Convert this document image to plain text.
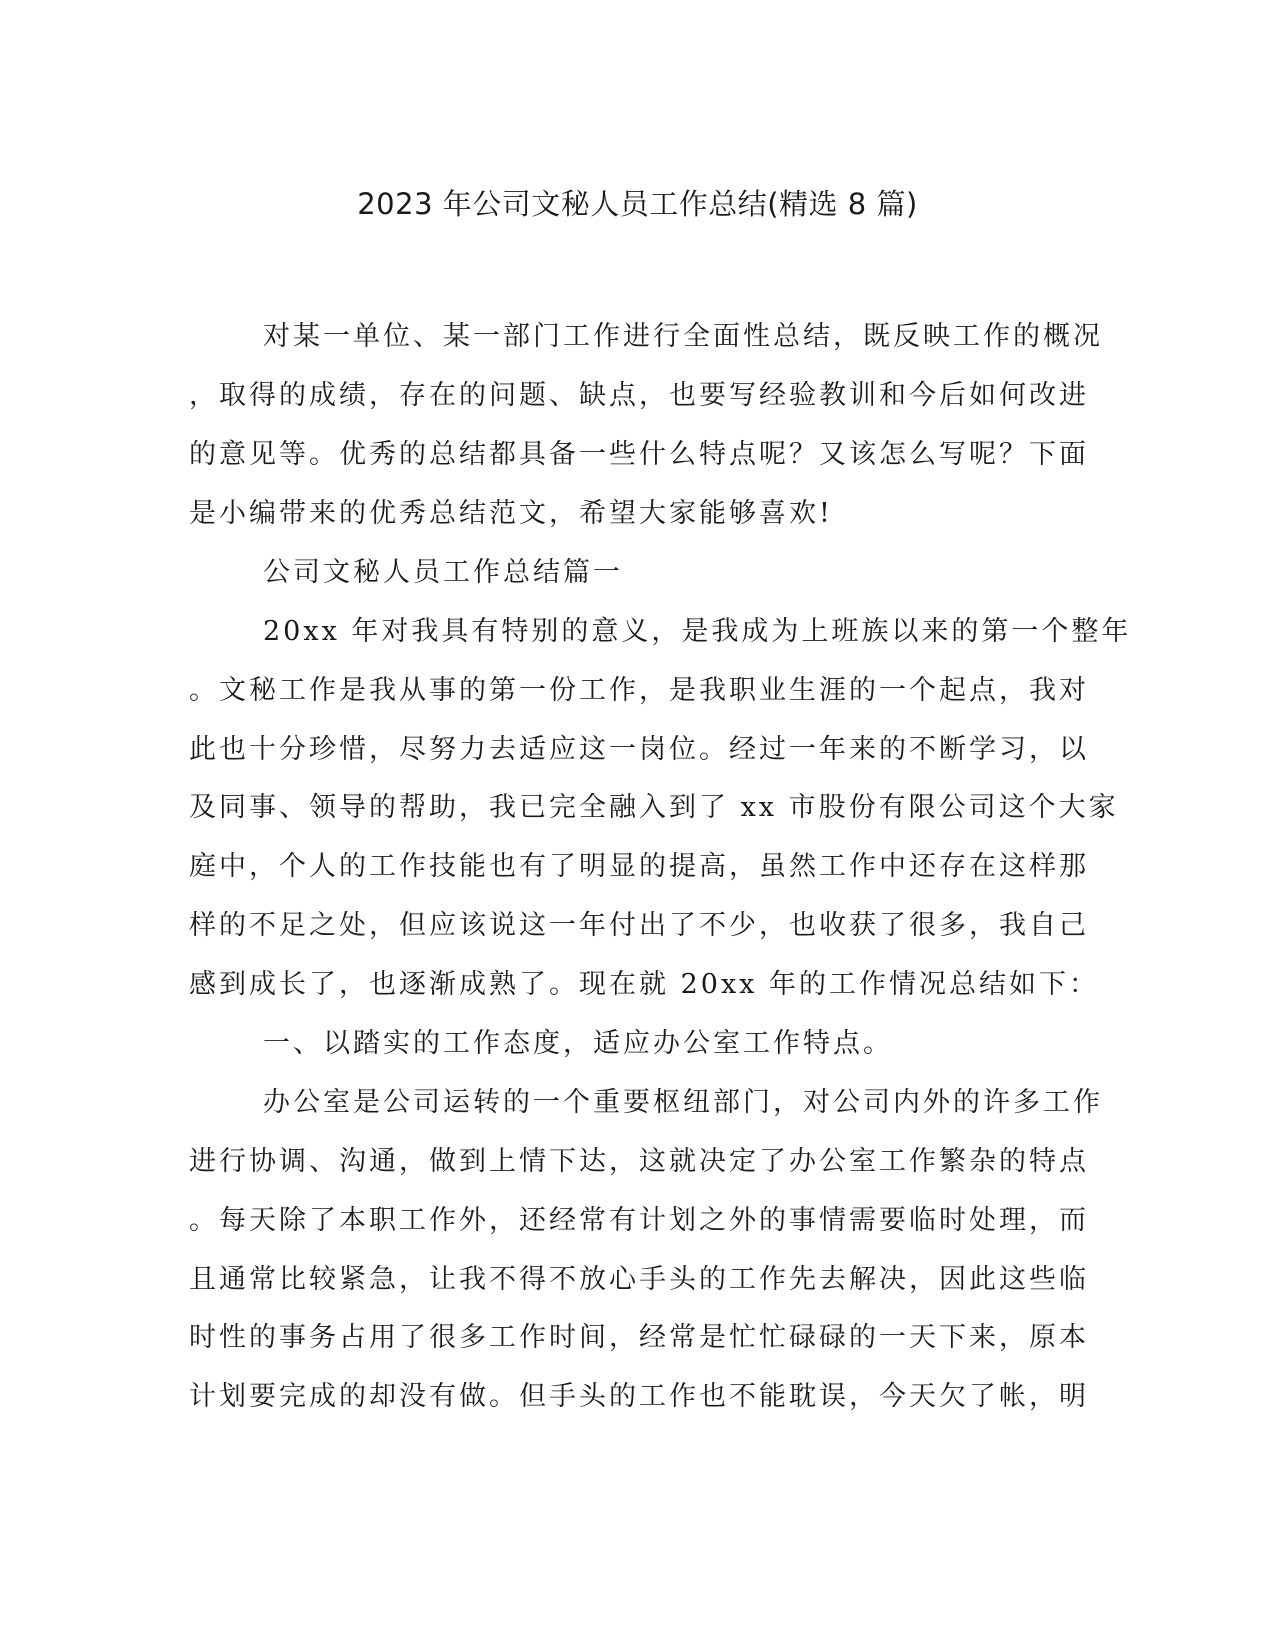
2023 年公司文秘人员工作总结(精选 8 篇)
对某一单位、某一部门工作进行全面性总结，既反映工作的概况
，取得的成绩，存在的问题、缺点，也要写经验教训和今后如何改进
的意见等。优秀的总结都具备一些什么特点呢？又该怎么写呢？下面
是小编带来的优秀总结范文，希望大家能够喜欢!
公司文秘人员工作总结篇一
20xx 年对我具有特别的意义，是我成为上班族以来的第一个整年
。文秘工作是我从事的第一份工作，是我职业生涯的一个起点，我对
此也十分珍惜，尽努力去适应这一岗位。经过一年来的不断学习，以
及同事、领导的帮助，我已完全融入到了 xx 市股份有限公司这个大家
庭中，个人的工作技能也有了明显的提高，虽然工作中还存在这样那
样的不足之处，但应该说这一年付出了不少，也收获了很多，我自己
感到成长了，也逐渐成熟了。现在就 20xx 年的工作情况总结如下：
一、以踏实的工作态度，适应办公室工作特点。
办公室是公司运转的一个重要枢纽部门，对公司内外的许多工作
进行协调、沟通，做到上情下达，这就决定了办公室工作繁杂的特点
。每天除了本职工作外，还经常有计划之外的事情需要临时处理，而
且通常比较紧急，让我不得不放心手头的工作先去解决，因此这些临
时性的事务占用了很多工作时间，经常是忙忙碌碌的一天下来，原本
计划要完成的却没有做。但手头的工作也不能耽误，今天欠了帐，明
